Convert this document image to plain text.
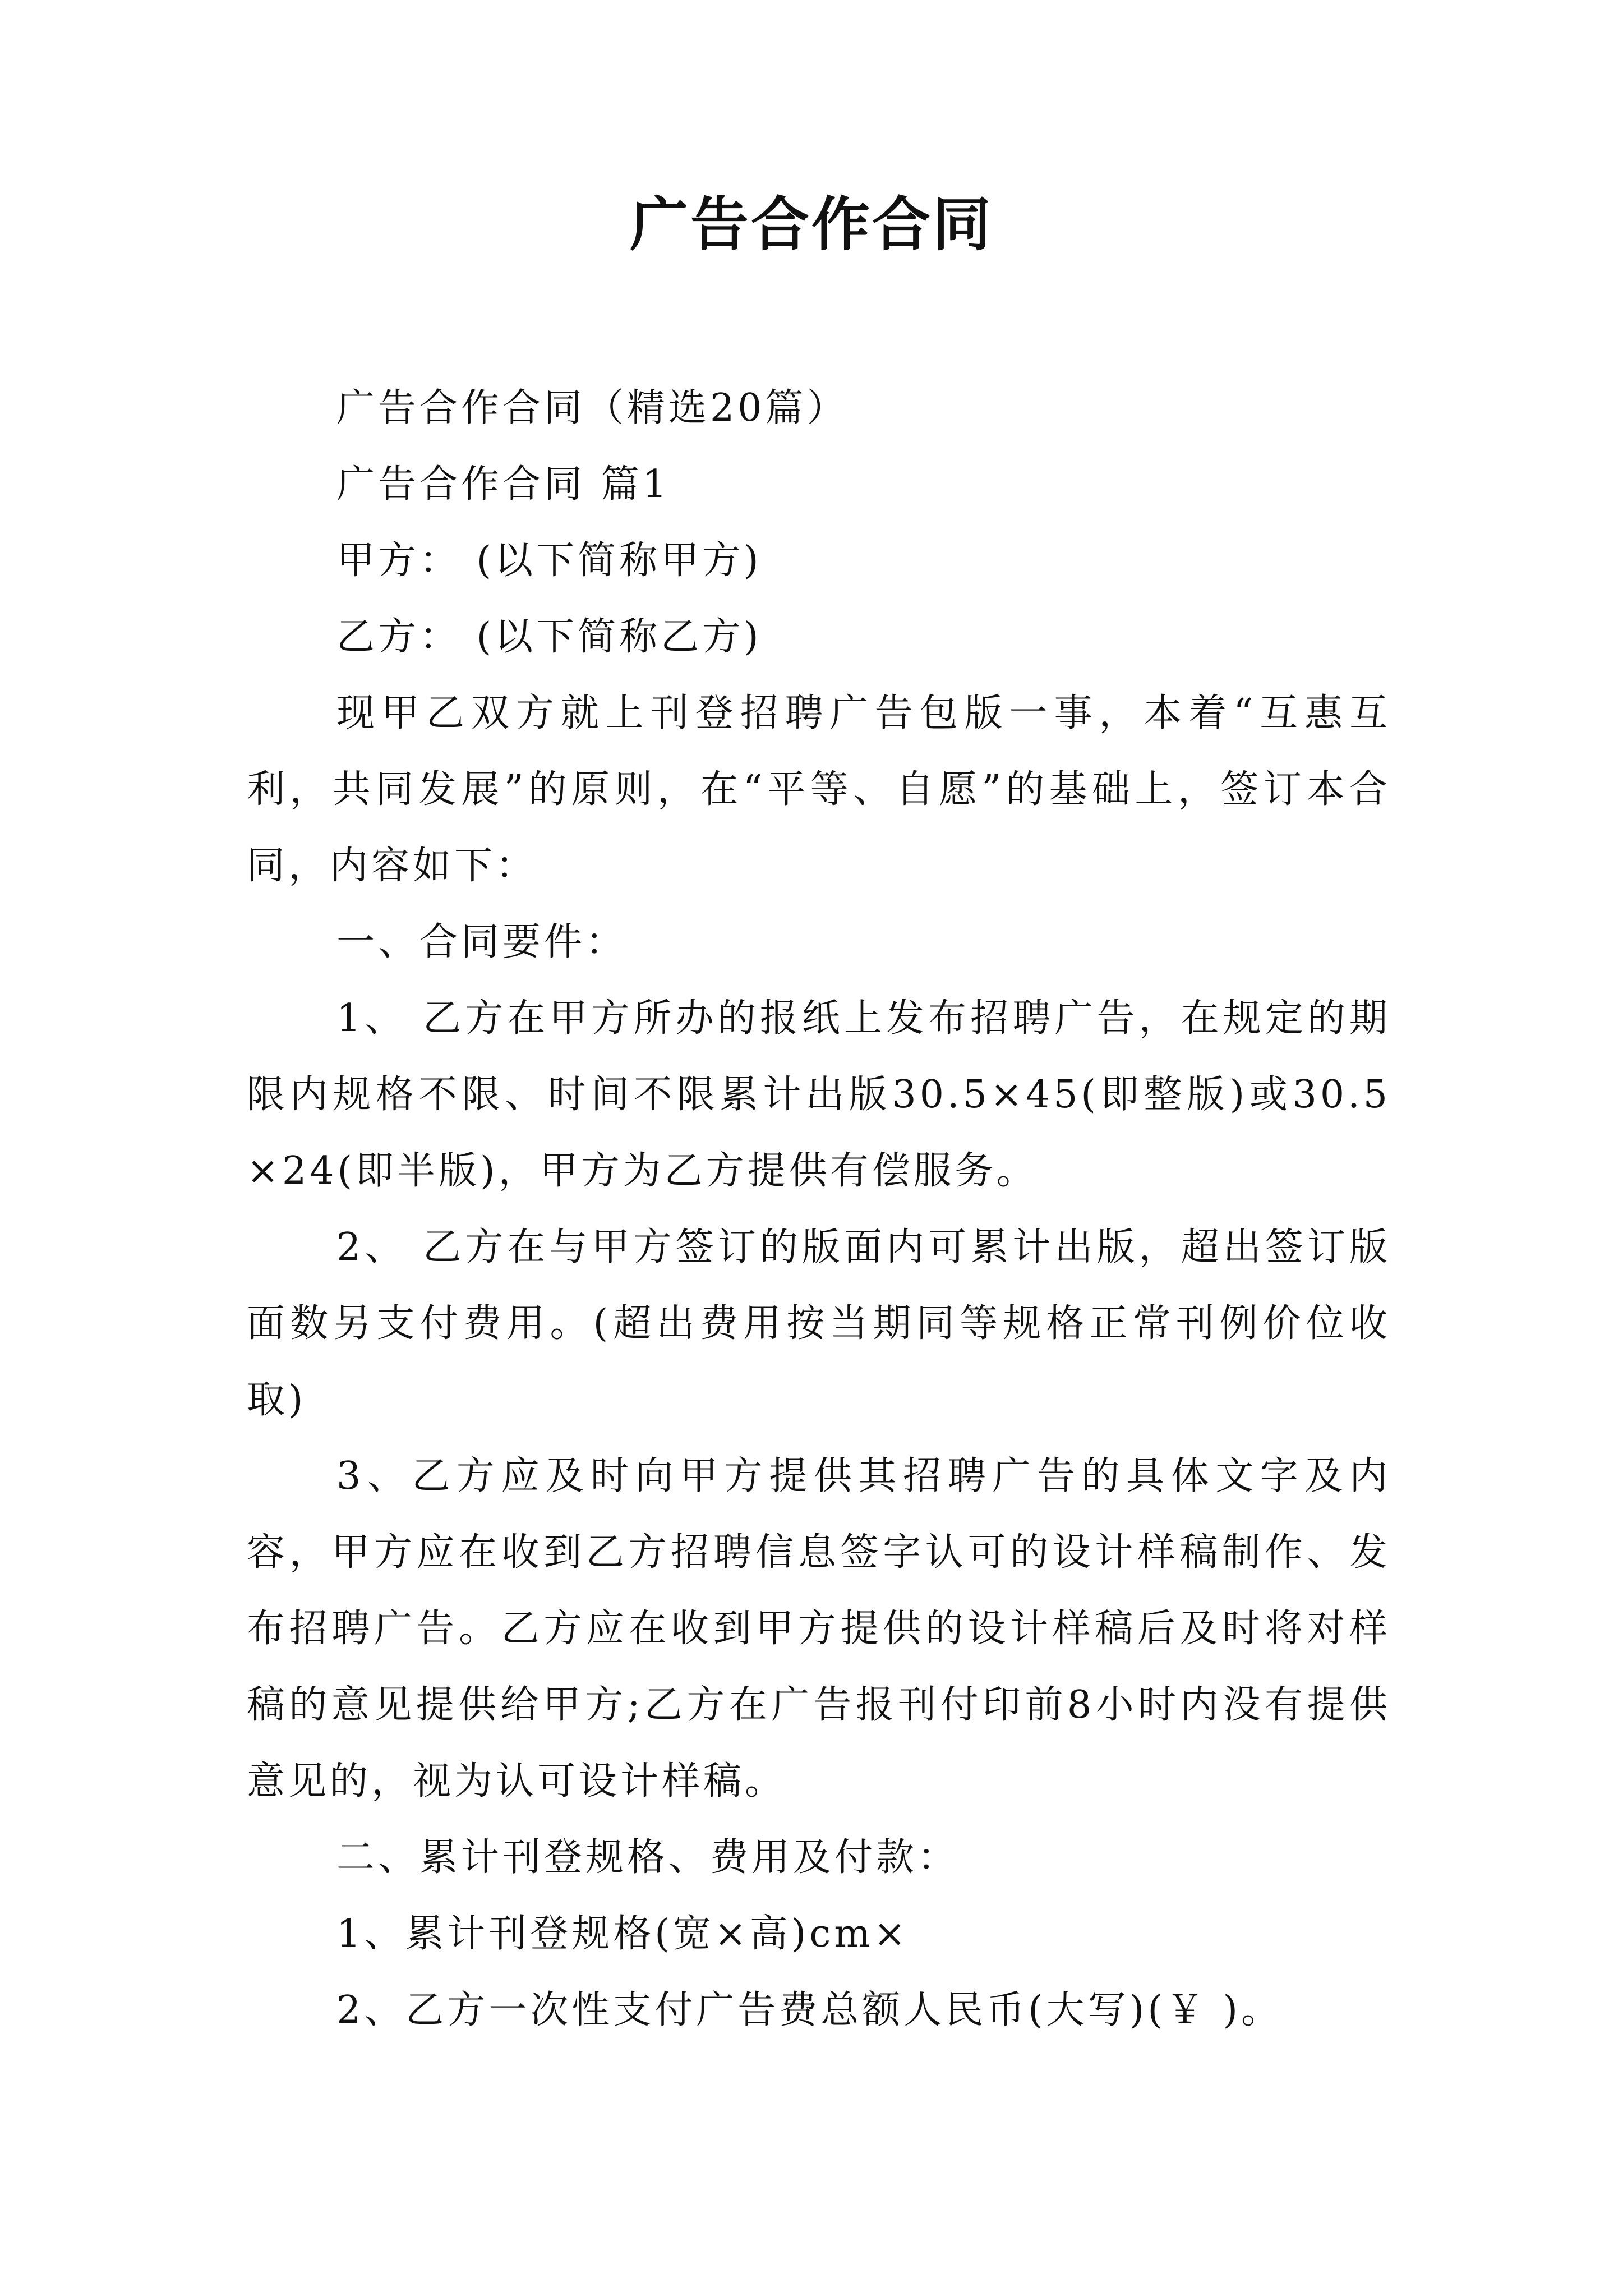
广告合作合同

广告合作合同（精选20篇）

广告合作合同 篇1

甲方： (以下简称甲方)

乙方： (以下简称乙方)

现甲乙双方就上刊登招聘广告包版一事，本着“互惠互利，共同发展”的原则，在“平等、自愿”的基础上，签订本合同，内容如下：

一、合同要件：

1、 乙方在甲方所办的报纸上发布招聘广告，在规定的期限内规格不限、时间不限累计出版30.5×45(即整版)或30.5×24(即半版)，甲方为乙方提供有偿服务。

2、 乙方在与甲方签订的版面内可累计出版，超出签订版面数另支付费用。(超出费用按当期同等规格正常刊例价位收取)

3、乙方应及时向甲方提供其招聘广告的具体文字及内容，甲方应在收到乙方招聘信息签字认可的设计样稿制作、发布招聘广告。乙方应在收到甲方提供的设计样稿后及时将对样稿的意见提供给甲方;乙方在广告报刊付印前8小时内没有提供意见的，视为认可设计样稿。

二、累计刊登规格、费用及付款：

1、累计刊登规格(宽×高)cm×

2、乙方一次性支付广告费总额人民币(大写)(￥ )。
